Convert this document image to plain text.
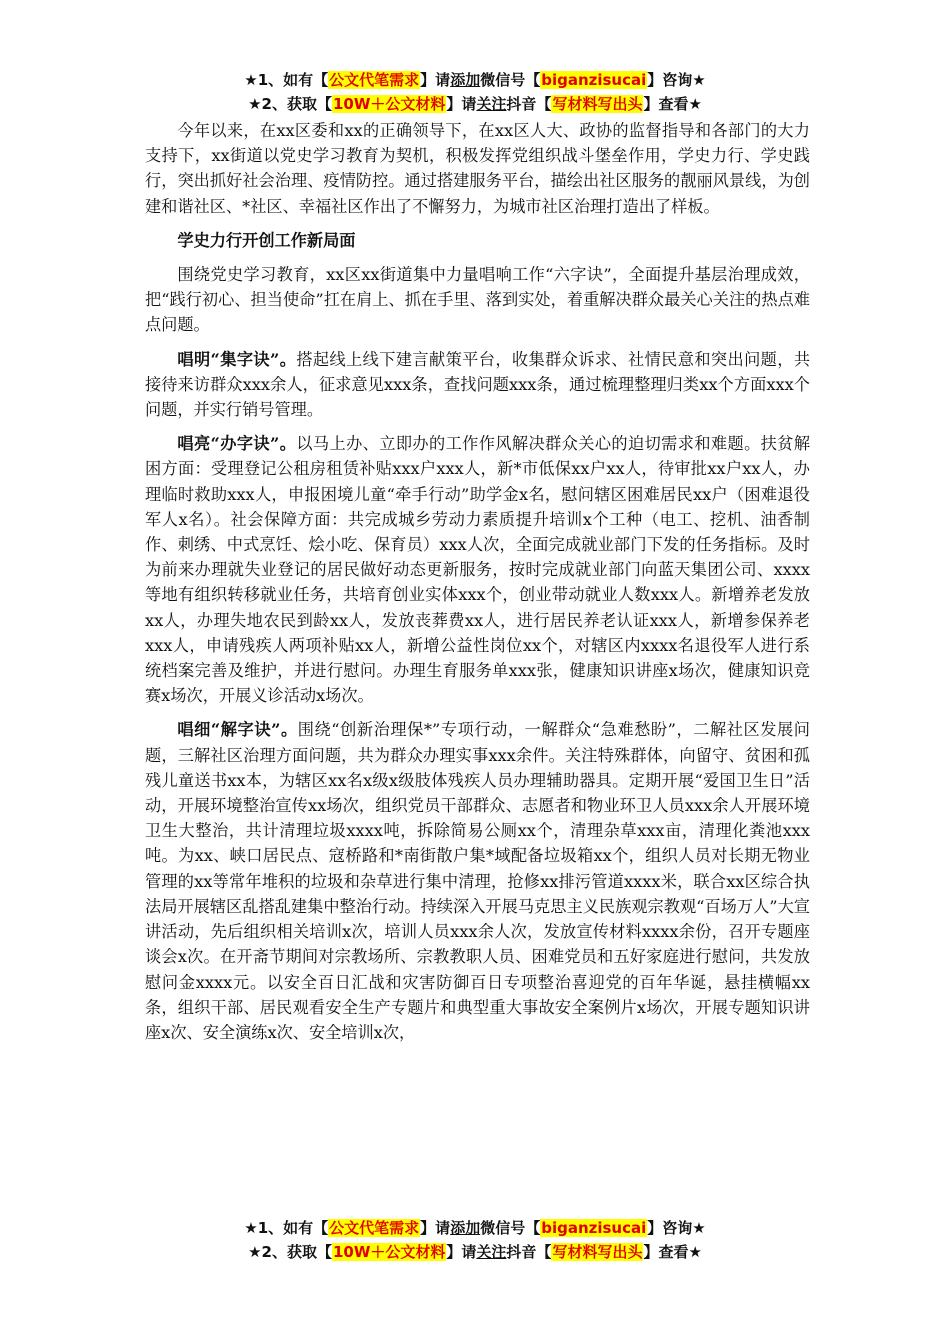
★1、如有【公文代笔需求】请添加微信号【biganzisucai】咨询★
★2、获取【10W＋公文材料】请关注抖音【写材料写出头】查看★

今年以来，在xx区委和xx的正确领导下，在xx区人大、政协的监督指导和各部门的大力支持下，xx街道以党史学习教育为契机，积极发挥党组织战斗堡垒作用，学史力行、学史践行，突出抓好社会治理、疫情防控。通过搭建服务平台，描绘出社区服务的靓丽风景线，为创建和谐社区、*社区、幸福社区作出了不懈努力，为城市社区治理打造出了样板。

学史力行开创工作新局面

围绕党史学习教育，xx区xx街道集中力量唱响工作“六字诀”，全面提升基层治理成效，把“践行初心、担当使命”扛在肩上、抓在手里、落到实处，着重解决群众最关心关注的热点难点问题。

唱明“集字诀”。搭起线上线下建言献策平台，收集群众诉求、社情民意和突出问题，共接待来访群众xxx余人，征求意见xxx条，查找问题xxx条，通过梳理整理归类xx个方面xxx个问题，并实行销号管理。

唱亮“办字诀”。以马上办、立即办的工作作风解决群众关心的迫切需求和难题。扶贫解困方面：受理登记公租房租赁补贴xxx户xxx人，新*市低保xx户xx人，待审批xx户xx人，办理临时救助xxx人，申报困境儿童“牵手行动”助学金x名，慰问辖区困难居民xx户（困难退役军人x名）。社会保障方面：共完成城乡劳动力素质提升培训x个工种（电工、挖机、油香制作、刺绣、中式烹饪、烩小吃、保育员）xxx人次，全面完成就业部门下发的任务指标。及时为前来办理就失业登记的居民做好动态更新服务，按时完成就业部门向蓝天集团公司、xxxx等地有组织转移就业任务，共培育创业实体xxx个，创业带动就业人数xxx人。新增养老发放xx人，办理失地农民到龄xx人，发放丧葬费xx人，进行居民养老认证xxx人，新增参保养老xxx人，申请残疾人两项补贴xx人，新增公益性岗位xx个，对辖区内xxxx名退役军人进行系统档案完善及维护，并进行慰问。办理生育服务单xxx张，健康知识讲座x场次，健康知识竞赛x场次，开展义诊活动x场次。

唱细“解字诀”。围绕“创新治理保*”专项行动，一解群众“急难愁盼”，二解社区发展问题，三解社区治理方面问题，共为群众办理实事xxx余件。关注特殊群体，向留守、贫困和孤残儿童送书xx本，为辖区xx名x级x级肢体残疾人员办理辅助器具。定期开展“爱国卫生日”活动，开展环境整治宣传xx场次，组织党员干部群众、志愿者和物业环卫人员xxx余人开展环境卫生大整治，共计清理垃圾xxxx吨，拆除简易公厕xx个，清理杂草xxx亩，清理化粪池xxx吨。为xx、峡口居民点、寇桥路和*南街散户集*域配备垃圾箱xx个，组织人员对长期无物业管理的xx等常年堆积的垃圾和杂草进行集中清理，抢修xx排污管道xxxx米，联合xx区综合执法局开展辖区乱搭乱建集中整治行动。持续深入开展马克思主义民族观宗教观“百场万人”大宣讲活动，先后组织相关培训x次，培训人员xxx余人次，发放宣传材料xxxx余份，召开专题座谈会x次。在开斋节期间对宗教场所、宗教教职人员、困难党员和五好家庭进行慰问，共发放慰问金xxxx元。以安全百日汇战和灾害防御百日专项整治喜迎党的百年华诞，悬挂横幅xx条，组织干部、居民观看安全生产专题片和典型重大事故安全案例片x场次，开展专题知识讲座x次、安全演练x次、安全培训x次，

★1、如有【公文代笔需求】请添加微信号【biganzisucai】咨询★
★2、获取【10W＋公文材料】请关注抖音【写材料写出头】查看★
